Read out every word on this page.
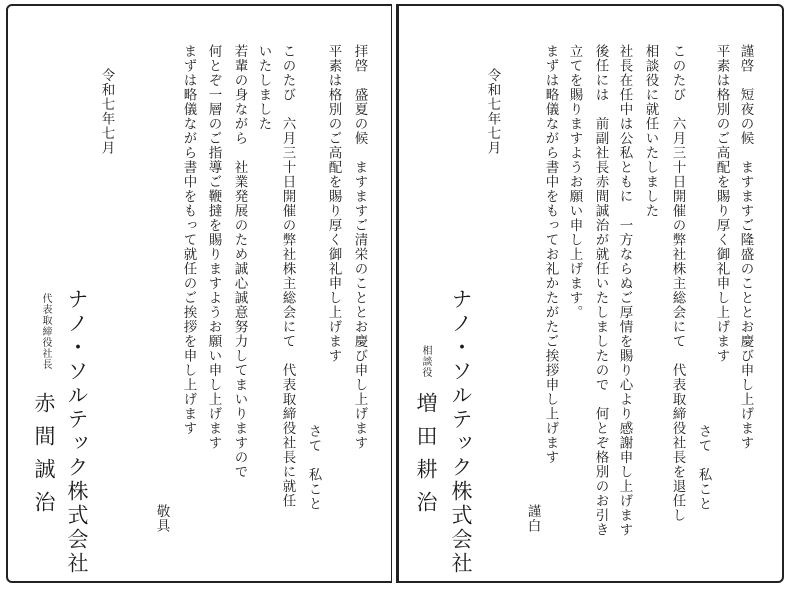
拝啓　盛夏の候　ますますご清栄のこととお慶び申し上げます
平素は格別のご高配を賜り厚く御礼申し上げます
さて　私こと
このたび　六月三十日開催の弊社株主総会にて　代表取締役社長に就任
いたしました
若輩の身ながら　社業発展のため誠心誠意努力してまいりますので
何とぞ一層のご指導ご鞭撻を賜りますようお願い申し上げます
まずは略儀ながら書中をもって就任のご挨拶を申し上げます
敬具
令和七年七月
ナノ・ソルテック株式会社
代表取締役社長
赤間誠治
謹啓　短夜の候　ますますご隆盛のこととお慶び申し上げます
平素は格別のご高配を賜り厚く御礼申し上げます
さて　私こと
このたび　六月三十日開催の弊社株主総会にて　代表取締役社長を退任し
相談役に就任いたしました
社長在任中は公私ともに　一方ならぬご厚情を賜り心より感謝申し上げます
後任には　前副社長赤間誠治が就任いたしましたので　何とぞ格別のお引き
立てを賜りますようお願い申し上げます。
まずは略儀ながら書中をもってお礼かたがたご挨拶申し上げます
謹白
令和七年七月
ナノ・ソルテック株式会社
相談役
増田耕治
